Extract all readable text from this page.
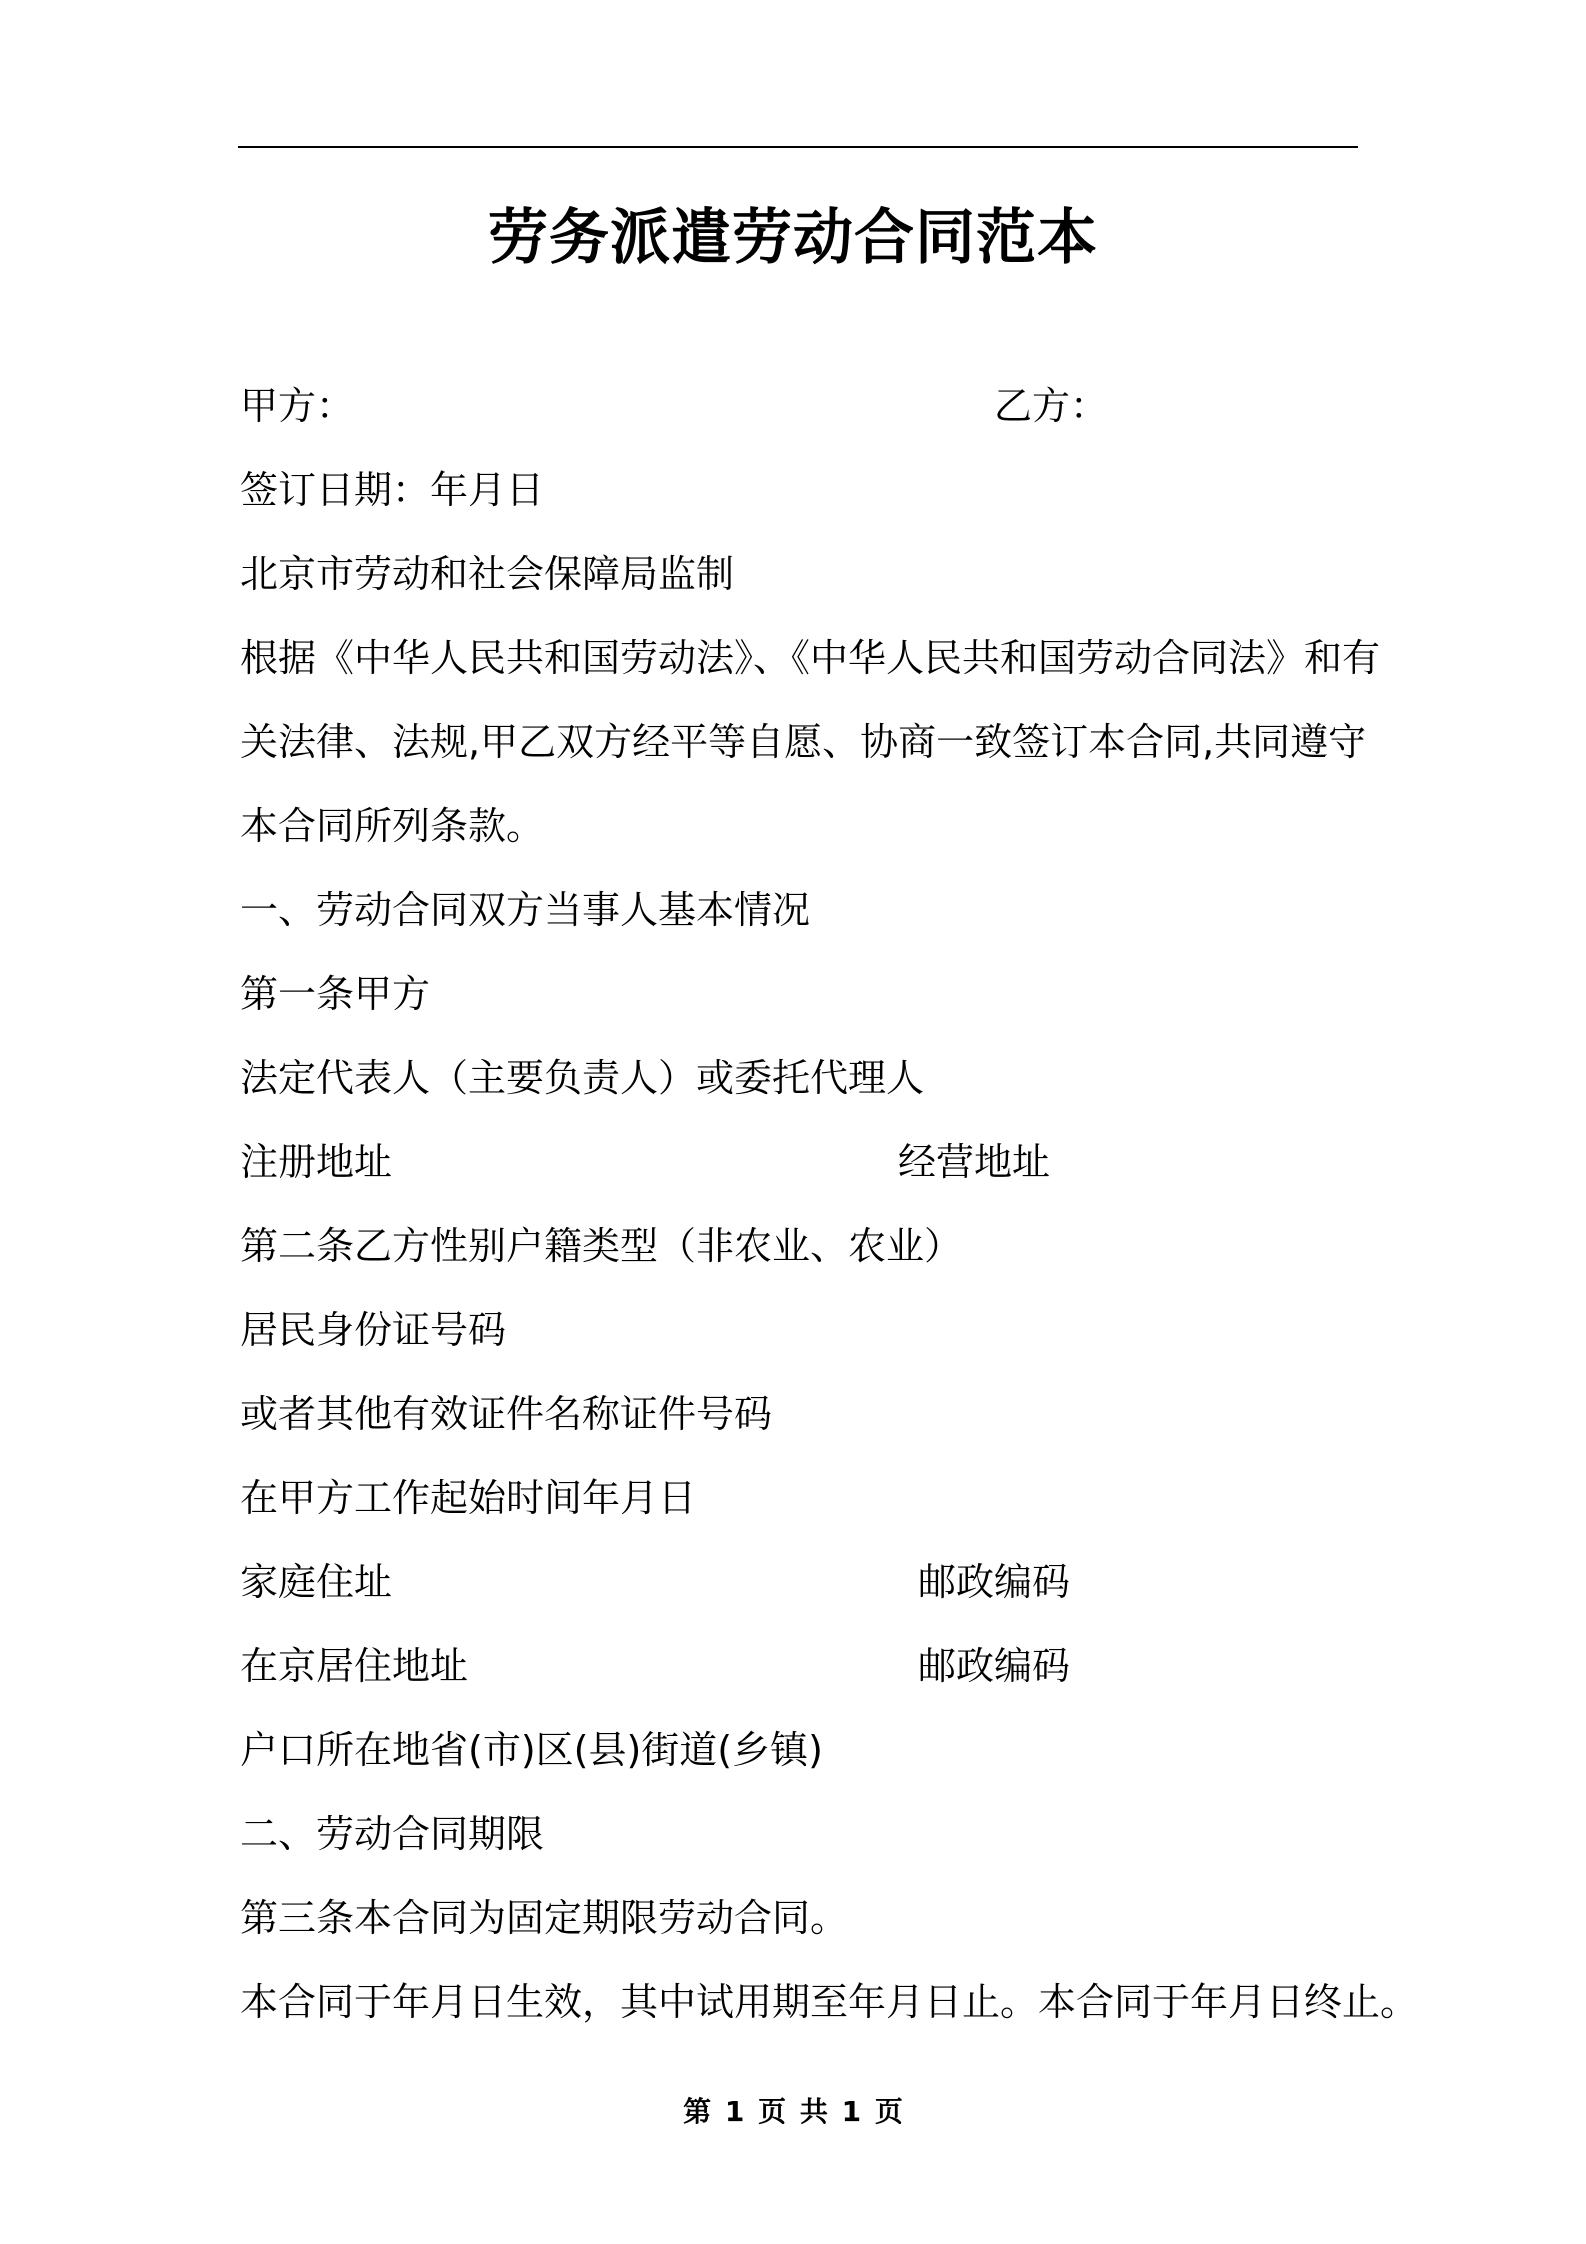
劳务派遣劳动合同范本
甲方：	乙方：
签订日期：年月日
北京市劳动和社会保障局监制
根据《中华人民共和国劳动法》、《中华人民共和国劳动合同法》和有
关法律、法规,甲乙双方经平等自愿、协商一致签订本合同,共同遵守
本合同所列条款。
一、劳动合同双方当事人基本情况
第一条甲方
法定代表人（主要负责人）或委托代理人
注册地址	经营地址
第二条乙方性别户籍类型（非农业、农业）
居民身份证号码
或者其他有效证件名称证件号码
在甲方工作起始时间年月日
家庭住址	邮政编码
在京居住地址	邮政编码
户口所在地省(市)区(县)街道(乡镇)
二、劳动合同期限
第三条本合同为固定期限劳动合同。
本合同于年月日生效，其中试用期至年月日止。本合同于年月日终止。
第 1 页 共 1 页
